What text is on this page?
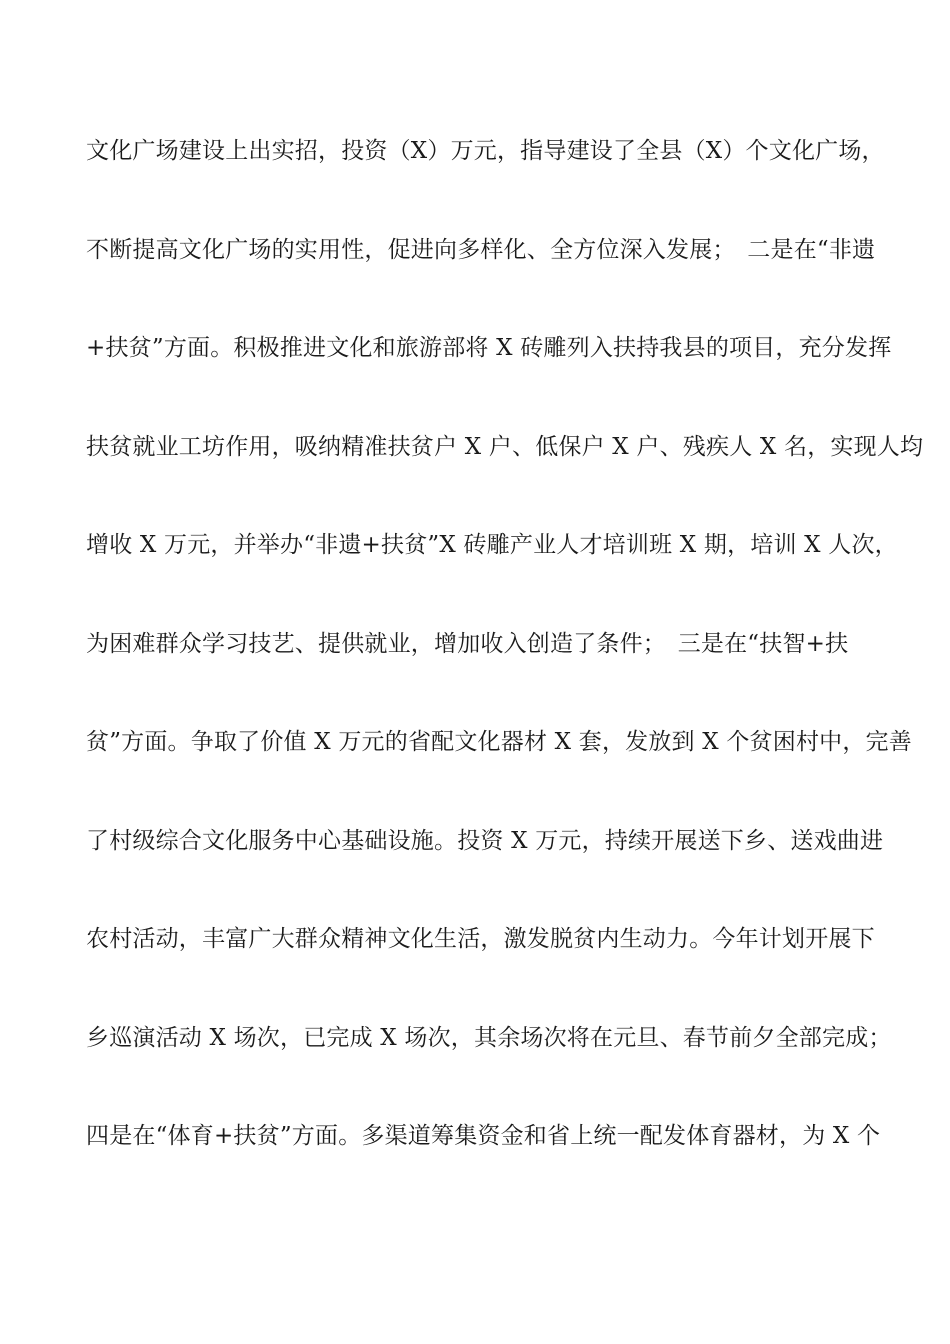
文化广场建设上出实招，投资（X）万元，指导建设了全县（X）个文化广场，
不断提高文化广场的实用性，促进向多样化、全方位深入发展；　二是在“非遗
+扶贫”方面。积极推进文化和旅游部将 X 砖雕列入扶持我县的项目，充分发挥
扶贫就业工坊作用，吸纳精准扶贫户 X 户、低保户 X 户、残疾人 X 名，实现人均
增收 X 万元，并举办“非遗+扶贫”X 砖雕产业人才培训班 X 期，培训 X 人次，
为困难群众学习技艺、提供就业，增加收入创造了条件；　三是在“扶智+扶
贫”方面。争取了价值 X 万元的省配文化器材 X 套，发放到 X 个贫困村中，完善
了村级综合文化服务中心基础设施。投资 X 万元，持续开展送下乡、送戏曲进
农村活动，丰富广大群众精神文化生活，激发脱贫内生动力。今年计划开展下
乡巡演活动 X 场次，已完成 X 场次，其余场次将在元旦、春节前夕全部完成；
四是在“体育+扶贫”方面。多渠道筹集资金和省上统一配发体育器材，为 X 个
